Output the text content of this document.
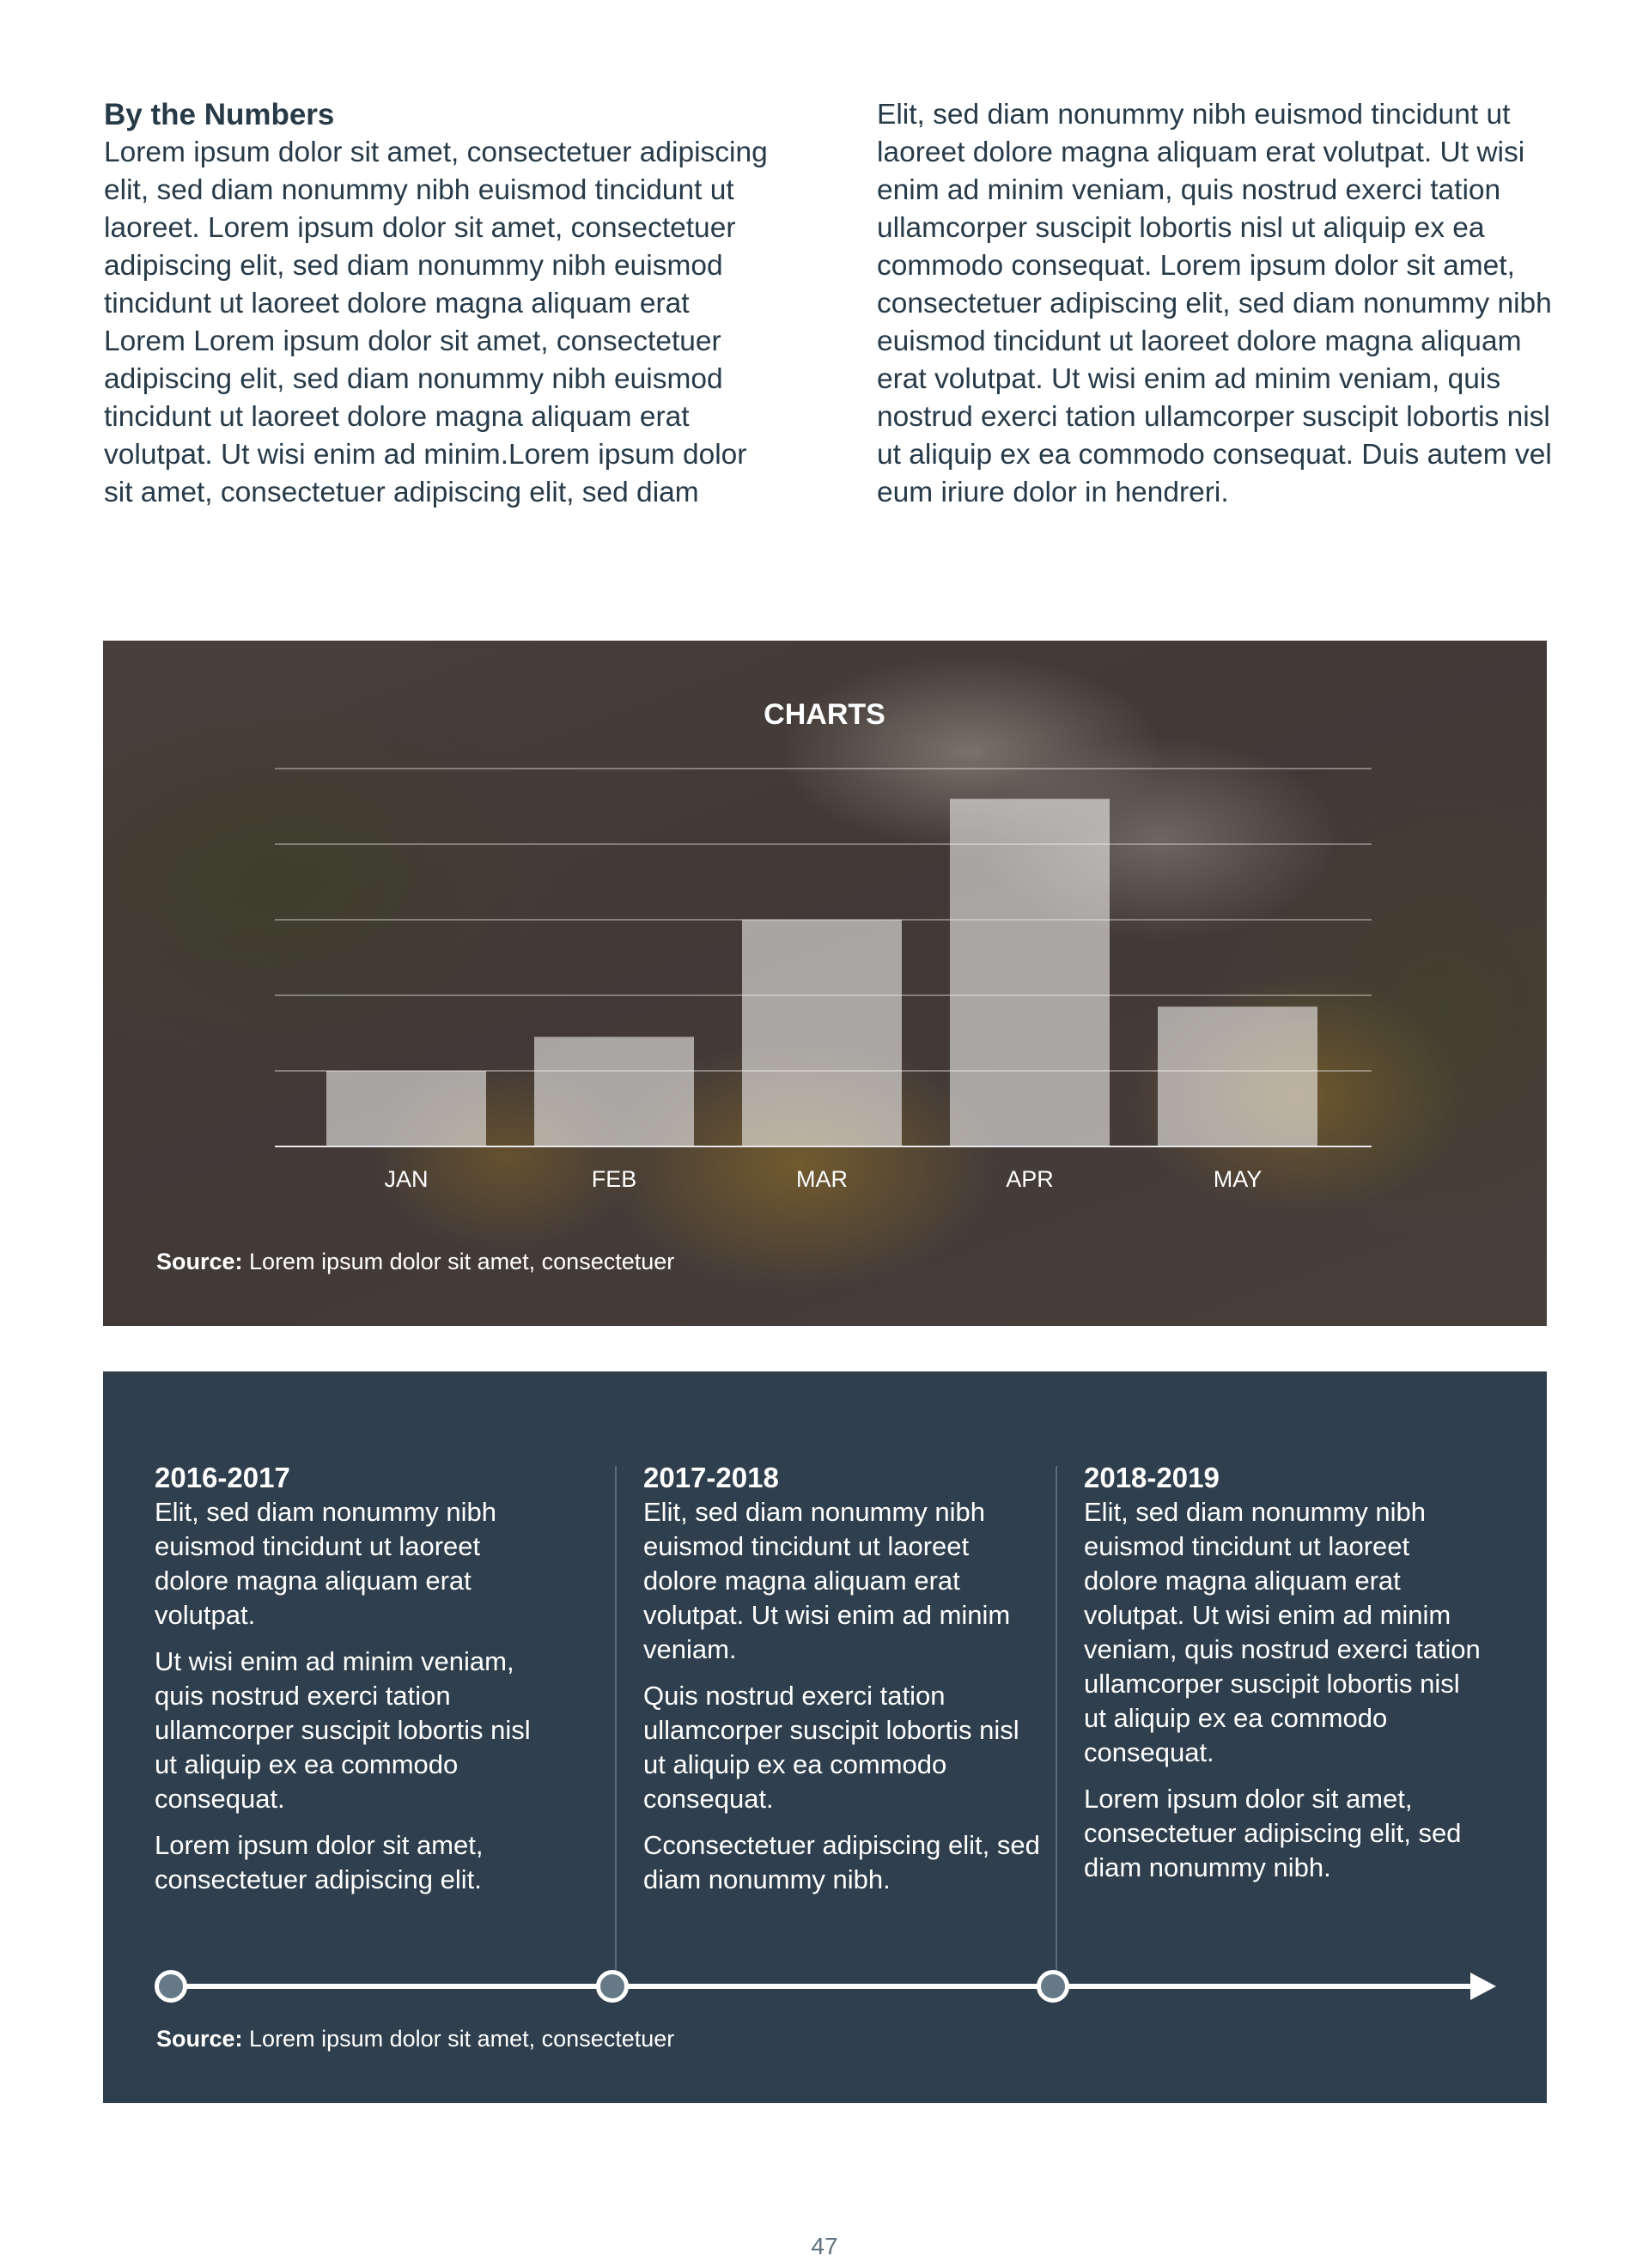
By the Numbers

Lorem ipsum dolor sit amet, consectetuer adipiscing elit, sed diam nonummy nibh euismod tincidunt ut laoreet. Lorem ipsum dolor sit amet, consectetuer adipiscing elit, sed diam nonummy nibh euismod tincidunt ut laoreet dolore magna aliquam erat Lorem Lorem ipsum dolor sit amet, consectetuer adipiscing elit, sed diam nonummy nibh euismod tincidunt ut laoreet dolore magna aliquam erat volutpat. Ut wisi enim ad minim.Lorem ipsum dolor sit amet, consectetuer adipiscing elit, sed diam

Elit, sed diam nonummy nibh euismod tincidunt ut laoreet dolore magna aliquam erat volutpat. Ut wisi enim ad minim veniam, quis nostrud exerci tation ullamcorper suscipit lobortis nisl ut aliquip ex ea commodo consequat. Lorem ipsum dolor sit amet, consectetuer adipiscing elit, sed diam nonummy nibh euismod tincidunt ut laoreet dolore magna aliquam erat volutpat. Ut wisi enim ad minim veniam, quis nostrud exerci tation ullamcorper suscipit lobortis nisl ut aliquip ex ea commodo consequat. Duis autem vel eum iriure dolor in hendreri.

CHARTS
JAN	FEB	MAR	APR	MAY
Source: Lorem ipsum dolor sit amet, consectetuer
2016-2017

Elit, sed diam nonummy nibh euismod tincidunt ut laoreet dolore magna aliquam erat volutpat.

Ut wisi enim ad minim veniam, quis nostrud exerci tation ullamcorper suscipit lobortis nisl ut aliquip ex ea commodo consequat.

Lorem ipsum dolor sit amet, consectetuer adipiscing elit.

2017-2018

Elit, sed diam nonummy nibh euismod tincidunt ut laoreet dolore magna aliquam erat volutpat. Ut wisi enim ad minim veniam.

Quis nostrud exerci tation ullamcorper suscipit lobortis nisl ut aliquip ex ea commodo consequat.

Cconsectetuer adipiscing elit, sed diam nonummy nibh.

2018-2019

Elit, sed diam nonummy nibh euismod tincidunt ut laoreet dolore magna aliquam erat volutpat. Ut wisi enim ad minim veniam, quis nostrud exerci tation ullamcorper suscipit lobortis nisl ut aliquip ex ea commodo consequat.

Lorem ipsum dolor sit amet, consectetuer adipiscing elit, sed diam nonummy nibh.

Source: Lorem ipsum dolor sit amet, consectetuer
47
